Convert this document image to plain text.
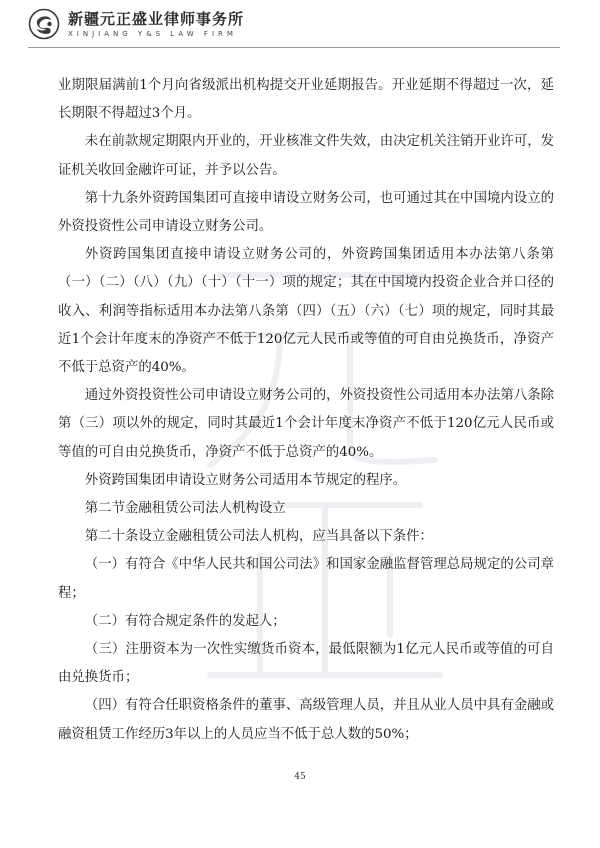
新疆元正盛业律师事务所
XINJIANG Y&S LAW FIRM

业期限届满前1个月向省级派出机构提交开业延期报告。开业延期不得超过一次，延长期限不得超过3个月。

未在前款规定期限内开业的，开业核准文件失效，由决定机关注销开业许可，发证机关收回金融许可证，并予以公告。

第十九条外资跨国集团可直接申请设立财务公司，也可通过其在中国境内设立的外资投资性公司申请设立财务公司。

外资跨国集团直接申请设立财务公司的，外资跨国集团适用本办法第八条第（一）（二）（八）（九）（十）（十一）项的规定；其在中国境内投资企业合并口径的收入、利润等指标适用本办法第八条第（四）（五）（六）（七）项的规定，同时其最近1个会计年度末的净资产不低于120亿元人民币或等值的可自由兑换货币，净资产不低于总资产的40%。

通过外资投资性公司申请设立财务公司的，外资投资性公司适用本办法第八条除第（三）项以外的规定，同时其最近1个会计年度末净资产不低于120亿元人民币或等值的可自由兑换货币，净资产不低于总资产的40%。

外资跨国集团申请设立财务公司适用本节规定的程序。

第二节金融租赁公司法人机构设立

第二十条设立金融租赁公司法人机构，应当具备以下条件：

（一）有符合《中华人民共和国公司法》和国家金融监督管理总局规定的公司章程；

（二）有符合规定条件的发起人；

（三）注册资本为一次性实缴货币资本，最低限额为1亿元人民币或等值的可自由兑换货币；

（四）有符合任职资格条件的董事、高级管理人员，并且从业人员中具有金融或融资租赁工作经历3年以上的人员应当不低于总人数的50%；

45
